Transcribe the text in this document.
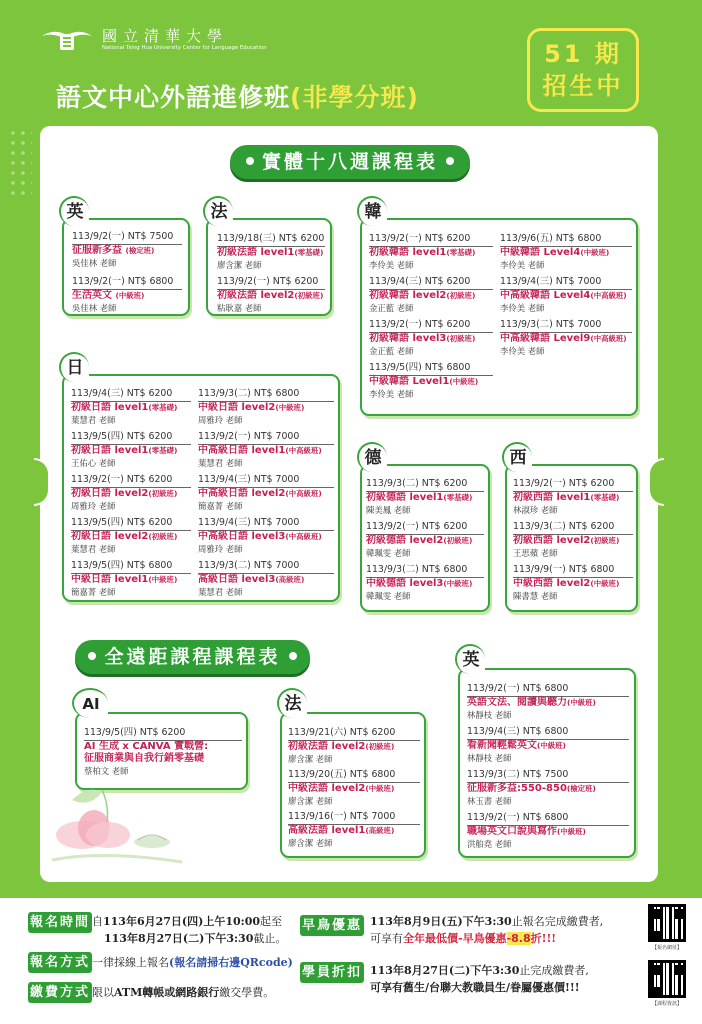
國立清華大學
National Tsing Hua University Center for Language Education
語文中心外語進修班(非學分班)
51 期
招生中
實體十八週課程表
英
113/9/2(一) NT$ 7500
征服新多益 (檢定班)
吳佳林 老師
113/9/2(一) NT$ 6800
生活英文 (中級班)
吳佳林 老師
法
113/9/18(三) NT$ 6200
初級法語 level1(零基礎)
廖含潔 老師
113/9/2(一) NT$ 6200
初級法語 level2(初級班)
粘耿嘉 老師
韓
113/9/2(一) NT$ 6200
初級韓語 level1(零基礎)
李伶美 老師
113/9/4(三) NT$ 6200
初級韓語 level2(初級班)
金正藍 老師
113/9/2(一) NT$ 6200
初級韓語 level3(初級班)
金正藍 老師
113/9/5(四) NT$ 6800
中級韓語 Level1(中級班)
李伶美 老師
113/9/6(五) NT$ 6800
中級韓語 Level4(中級班)
李伶美 老師
113/9/4(三) NT$ 7000
中高級韓語 Level4(中高級班)
李伶美 老師
113/9/3(二) NT$ 7000
中高級韓語 Level9(中高級班)
李伶美 老師
日
113/9/4(三) NT$ 6200
初級日語 level1(零基礎)
葉慧君 老師
113/9/5(四) NT$ 6200
初級日語 level1(零基礎)
王佑心 老師
113/9/2(一) NT$ 6200
初級日語 level2(初級班)
周雅玲 老師
113/9/5(四) NT$ 6200
初級日語 level2(初級班)
葉慧君 老師
113/9/5(四) NT$ 6800
中級日語 level1(中級班)
簡嘉菁 老師
113/9/3(二) NT$ 6800
中級日語 level2(中級班)
周雅玲 老師
113/9/2(一) NT$ 7000
中高級日語 level1(中高級班)
葉慧君 老師
113/9/4(三) NT$ 7000
中高級日語 level2(中高級班)
簡嘉菁 老師
113/9/4(三) NT$ 7000
中高級日語 level3(中高級班)
周雅玲 老師
113/9/3(二) NT$ 7000
高級日語 level3(高級班)
葉慧君 老師
德
113/9/3(二) NT$ 6200
初級德語 level1(零基礎)
陳美鳳 老師
113/9/2(一) NT$ 6200
初級德語 level2(初級班)
韓珮雯 老師
113/9/3(二) NT$ 6800
中級德語 level3(中級班)
韓珮雯 老師
西
113/9/2(一) NT$ 6200
初級西語 level1(零基礎)
林淑珍 老師
113/9/3(二) NT$ 6200
初級西語 level2(初級班)
王思蘋 老師
113/9/9(一) NT$ 6800
中級西語 level2(中級班)
陳書慧 老師
全遠距課程課程表
AI
113/9/5(四) NT$ 6200
AI 生成 x CANVA 實戰營:
征服商業與自我行銷零基礎
蔡柏文 老師
法
113/9/21(六) NT$ 6200
初級法語 level2(初級班)
廖含潔 老師
113/9/20(五) NT$ 6800
中級法語 level2(中級班)
廖含潔 老師
113/9/16(一) NT$ 7000
高級法語 level1(高級班)
廖含潔 老師
英
113/9/2(一) NT$ 6800
英語文法、閱讀與聽力(中級班)
林靜枝 老師
113/9/4(三) NT$ 6800
看新聞輕鬆英文(中級班)
林靜枝 老師
113/9/3(二) NT$ 7500
征服新多益:550-850(檢定班)
林玉書 老師
113/9/2(一) NT$ 6800
職場英文口說與寫作(中級班)
洪舶堯 老師
報名時間 自113年6月27日(四)上午10:00起至
113年8月27日(二)下午3:30截止。
報名方式 一律採線上報名(報名請掃右邊QRcode)
繳費方式 限以ATM轉帳或網路銀行繳交學費。
早鳥優惠 113年8月9日(五)下午3:30止報名完成繳費者,
可享有全年最低價-早鳥優惠-8.8折!!!
學員折扣 113年8月27日(二)下午3:30止完成繳費者,
可享有舊生/台聯大教職員生/眷屬優惠價!!!
【報名網址】
【課程資訊】
